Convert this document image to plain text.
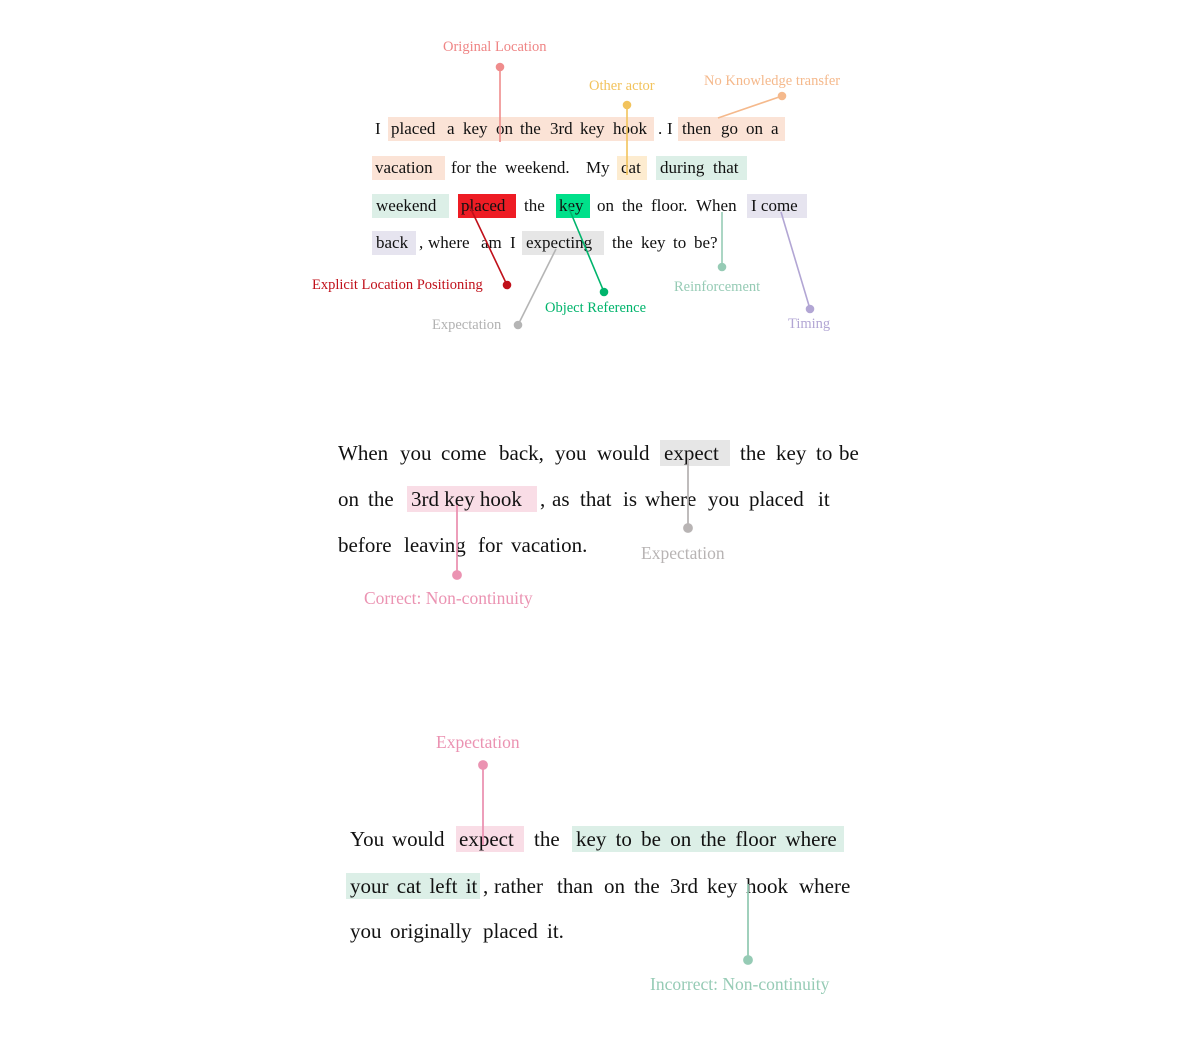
I placed a key on the 3rd key hook . I then go on a
vacation for the weekend. My cat during that
weekend placed the key on the floor. When I come
back , where am I expecting the key to be?
When you come back, you would expect the key to be
on the 3rd key hook , as that is where you placed it
before leaving for vacation.
You would expect the key to be on the floor where
your cat left it , rather than on the 3rd key hook where
you originally placed it.
Original Location
Other actor	No Knowledge transfer
Explicit Location Positioning
Object Reference
Reinforcement
Expectation	Timing
Expectation
Correct: Non-continuity
Expectation
Incorrect: Non-continuity
